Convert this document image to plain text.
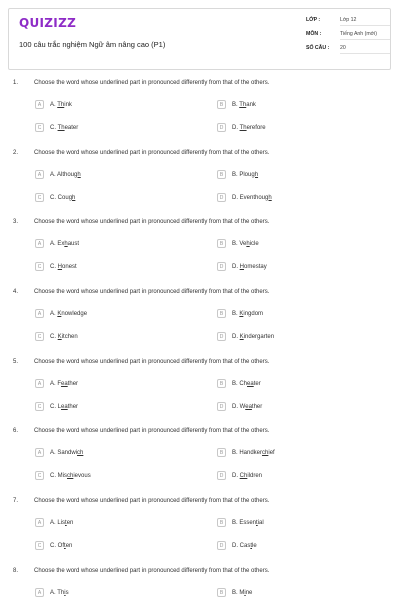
QUIZIZZ
100 câu trắc nghiệm Ngữ âm nâng cao (P1)
LỚP :	Lớp 12
MÔN :	Tiếng Anh (mới)
SỐ CÂU :	20
1.	Choose the word whose underlined part in pronounced differently from that of the others.
A	A. Think	B	B. Thank
C	C. Theater	D	D. Therefore
2.	Choose the word whose underlined part in pronounced differently from that of the others.
A	A. Although	B	B. Plough
C	C. Cough	D	D. Eventhough
3.	Choose the word whose underlined part in pronounced differently from that of the others.
A	A. Exhaust	B	B. Vehicle
C	C. Honest	D	D. Homestay
4.	Choose the word whose underlined part in pronounced differently from that of the others.
A	A. Knowledge	B	B. Kingdom
C	C. Kitchen	D	D. Kindergarten
5.	Choose the word whose underlined part in pronounced differently from that of the others.
A	A. Feather	B	B. Cheater
C	C. Leather	D	D. Weather
6.	Choose the word whose underlined part in pronounced differently from that of the others.
A	A. Sandwich	B	B. Handkerchief
C	C. Mischievous	D	D. Children
7.	Choose the word whose underlined part in pronounced differently from that of the others.
A	A. Listen	B	B. Essential
C	C. Often	D	D. Castle
8.	Choose the word whose underlined part in pronounced differently from that of the others.
A	A. This	B	B. Mine
